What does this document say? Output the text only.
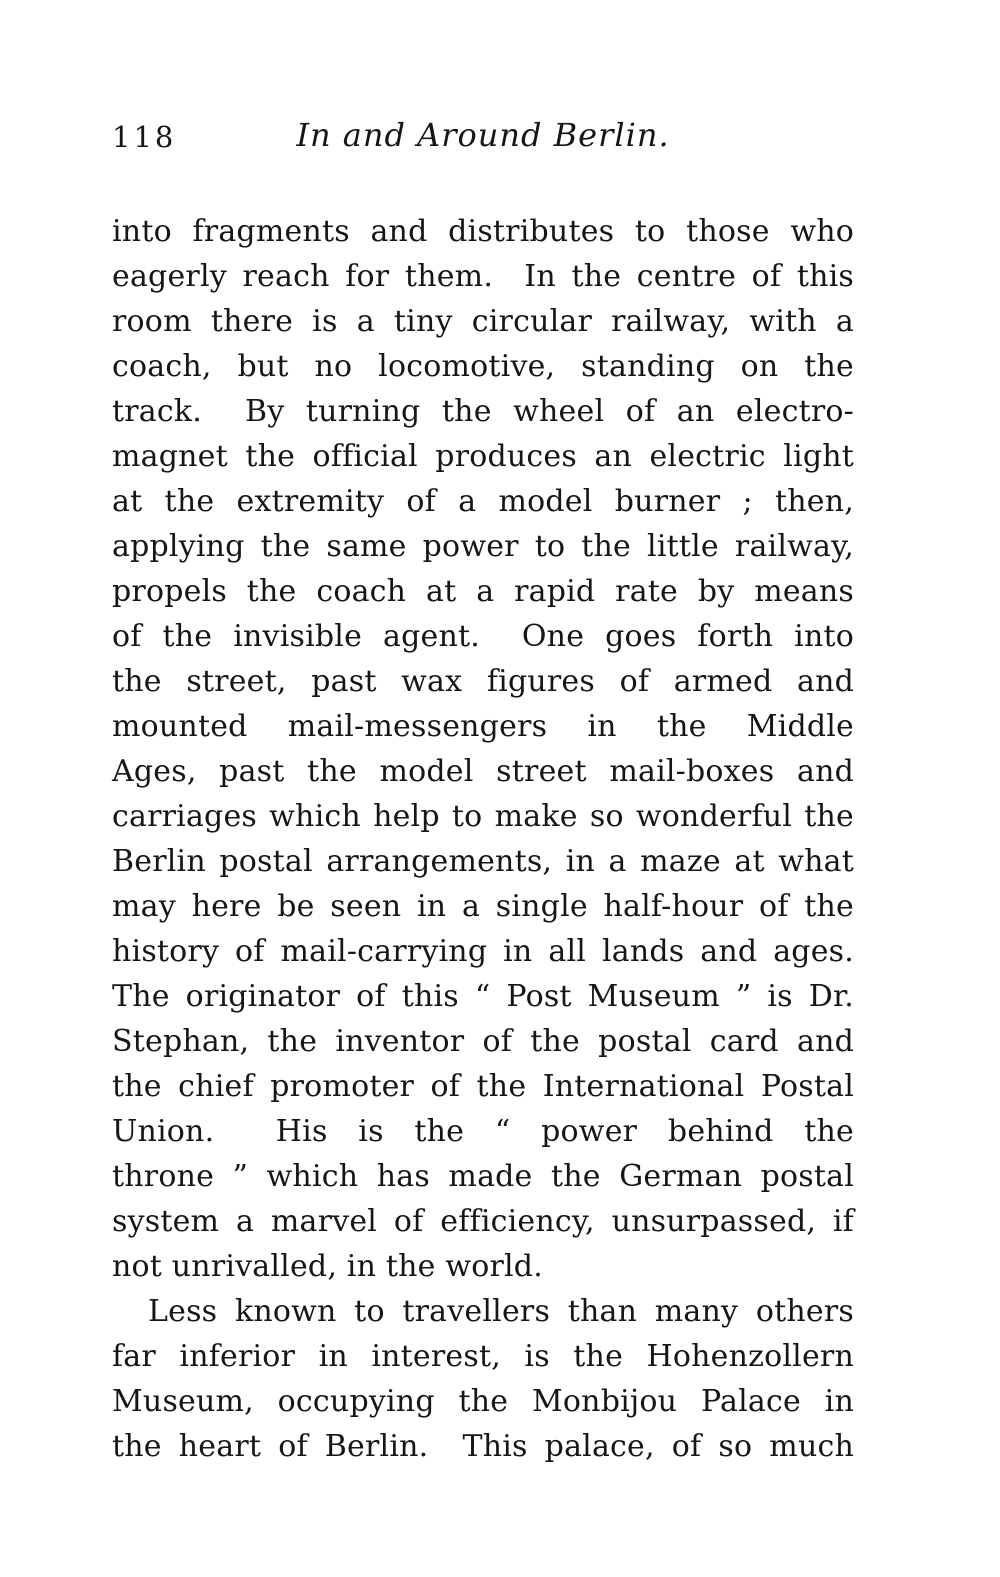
118	In and Around Berlin.
into fragments and distributes to those who
eagerly reach for them.  In the centre of this
room there is a tiny circular railway, with a
coach, but no locomotive, standing on the
track.  By turning the wheel of an electro-
magnet the official produces an electric light
at the extremity of a model burner ; then,
applying the same power to the little railway,
propels the coach at a rapid rate by means
of the invisible agent.  One goes forth into
the street, past wax figures of armed and
mounted mail-messengers in the Middle
Ages, past the model street mail-boxes and
carriages which help to make so wonderful the
Berlin postal arrangements, in a maze at what
may here be seen in a single half-hour of the
history of mail-carrying in all lands and ages.
The originator of this “ Post Museum ” is Dr.
Stephan, the inventor of the postal card and
the chief promoter of the International Postal
Union.  His is the “ power behind the
throne ” which has made the German postal
system a marvel of efficiency, unsurpassed, if
not unrivalled, in the world.
Less known to travellers than many others
far inferior in interest, is the Hohenzollern
Museum, occupying the Monbijou Palace in
the heart of Berlin.  This palace, of so much
